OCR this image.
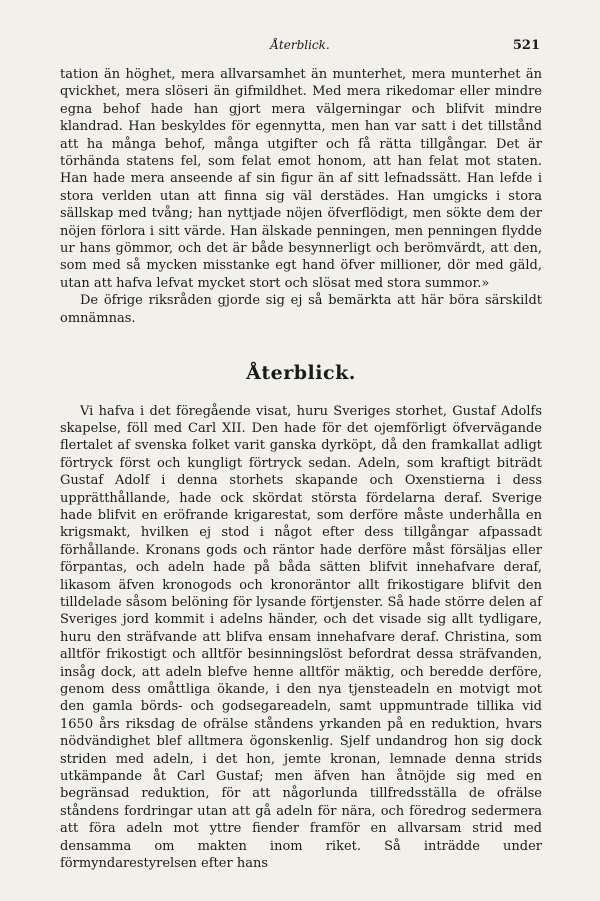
Återblick.	521

tation än höghet, mera allvarsamhet än munterhet, mera munterhet än qvickhet, mera slöseri än gifmildhet. Med mera rikedomar eller mindre egna behof hade han gjort mera välgerningar och blifvit mindre klandrad. Han beskyldes för egennytta, men han var satt i det tillstånd att ha många behof, många utgifter och få rätta tillgångar. Det är törhända statens fel, som felat emot honom, att han felat mot staten. Han hade mera anseende af sin figur än af sitt lefnadssätt. Han lefde i stora verlden utan att finna sig väl derstädes. Han umgicks i stora sällskap med tvång; han nyttjade nöjen öfverflödigt, men sökte dem der nöjen förlora i sitt värde. Han älskade penningen, men penningen flydde ur hans gömmor, och det är både besynnerligt och berömvärdt, att den, som med så mycken misstanke egt hand öfver millioner, dör med gäld, utan att hafva lefvat mycket stort och slösat med stora summor.»

De öfrige riksråden gjorde sig ej så bemärkta att här böra särskildt omnämnas.

Återblick.

Vi hafva i det föregående visat, huru Sveriges storhet, Gustaf Adolfs skapelse, föll med Carl XII. Den hade för det ojemförligt öfvervägande flertalet af svenska folket varit ganska dyrköpt, då den framkallat adligt förtryck först och kungligt förtryck sedan. Adeln, som kraftigt biträdt Gustaf Adolf i denna storhets skapande och Oxenstierna i dess upprätthållande, hade ock skördat största fördelarna deraf. Sverige hade blifvit en eröfrande krigarestat, som derföre måste underhålla en krigsmakt, hvilken ej stod i något efter dess tillgångar afpassadt förhållande. Kronans gods och räntor hade derföre måst försäljas eller förpantas, och adeln hade på båda sätten blifvit innehafvare deraf, likasom äfven kronogods och kronoräntor allt frikostigare blifvit den tilldelade såsom belöning för lysande förtjenster. Så hade större delen af Sveriges jord kommit i adelns händer, och det visade sig allt tydligare, huru den sträfvande att blifva ensam innehafvare deraf. Christina, som alltför frikostigt och alltför besinningslöst befordrat dessa sträfvanden, insåg dock, att adeln blefve henne alltför mäktig, och beredde derföre, genom dess omåttliga ökande, i den nya tjensteadeln en motvigt mot den gamla börds- och godsegareadeln, samt uppmuntrade tillika vid 1650 års riksdag de ofrälse ståndens yrkanden på en reduktion, hvars nödvändighet blef alltmera ögonskenlig. Sjelf undandrog hon sig dock striden med adeln, i det hon, jemte kronan, lemnade denna strids utkämpande åt Carl Gustaf; men äfven han åtnöjde sig med en begränsad reduktion, för att någorlunda tillfredsställa de ofrälse ståndens fordringar utan att gå adeln för nära, och föredrog sedermera att föra adeln mot yttre fiender framför en allvarsam strid med densamma om makten inom riket. Så inträdde under förmyndarestyrelsen efter hans
